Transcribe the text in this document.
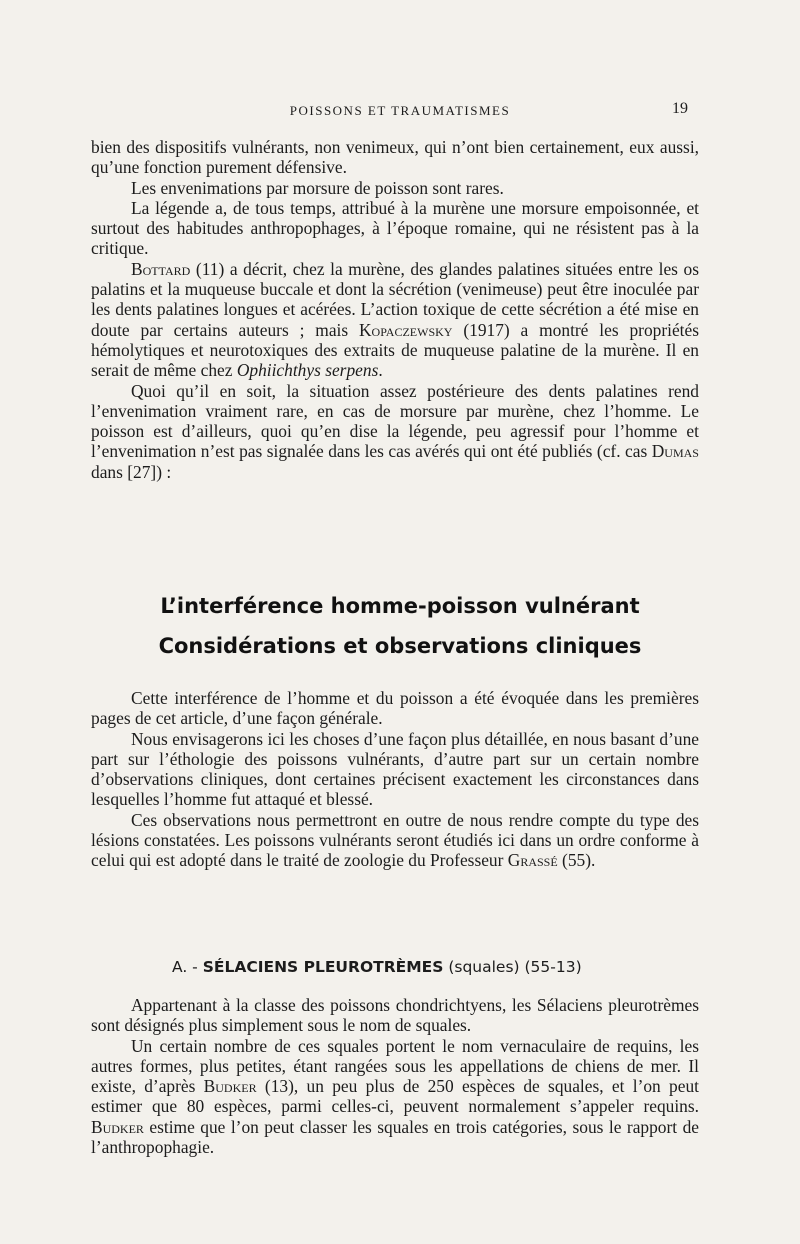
POISSONS ET TRAUMATISMES	19

bien des dispositifs vulnérants, non venimeux, qui n’ont bien certainement, eux aussi, qu’une fonction purement défensive.

Les envenimations par morsure de poisson sont rares.

La légende a, de tous temps, attribué à la murène une morsure empoisonnée, et surtout des habitudes anthropophages, à l’époque romaine, qui ne résistent pas à la critique.

Bottard (11) a décrit, chez la murène, des glandes palatines situées entre les os palatins et la muqueuse buccale et dont la sécrétion (venimeuse) peut être inoculée par les dents palatines longues et acérées. L’action toxique de cette sécrétion a été mise en doute par certains auteurs ; mais Kopaczewsky (1917) a montré les propriétés hémolytiques et neurotoxiques des extraits de muqueuse palatine de la murène. Il en serait de même chez Ophiichthys serpens.

Quoi qu’il en soit, la situation assez postérieure des dents palatines rend l’envenimation vraiment rare, en cas de morsure par murène, chez l’homme. Le poisson est d’ailleurs, quoi qu’en dise la légende, peu agressif pour l’homme et l’envenimation n’est pas signalée dans les cas avérés qui ont été publiés (cf. cas Dumas dans [27]) :

L’interférence homme-poisson vulnérant
Considérations et observations cliniques

Cette interférence de l’homme et du poisson a été évoquée dans les premières pages de cet article, d’une façon générale.

Nous envisagerons ici les choses d’une façon plus détaillée, en nous basant d’une part sur l’éthologie des poissons vulnérants, d’autre part sur un certain nombre d’observations cliniques, dont certaines précisent exactement les circonstances dans lesquelles l’homme fut attaqué et blessé.

Ces observations nous permettront en outre de nous rendre compte du type des lésions constatées. Les poissons vulnérants seront étudiés ici dans un ordre conforme à celui qui est adopté dans le traité de zoologie du Professeur Grassé (55).

A. - SÉLACIENS PLEUROTRÈMES (squales) (55-13)

Appartenant à la classe des poissons chondrichtyens, les Sélaciens pleurotrèmes sont désignés plus simplement sous le nom de squales.

Un certain nombre de ces squales portent le nom vernaculaire de requins, les autres formes, plus petites, étant rangées sous les appellations de chiens de mer. Il existe, d’après Budker (13), un peu plus de 250 espèces de squales, et l’on peut estimer que 80 espèces, parmi celles-ci, peuvent normalement s’appeler requins. Budker estime que l’on peut classer les squales en trois catégories, sous le rapport de l’anthropophagie.
